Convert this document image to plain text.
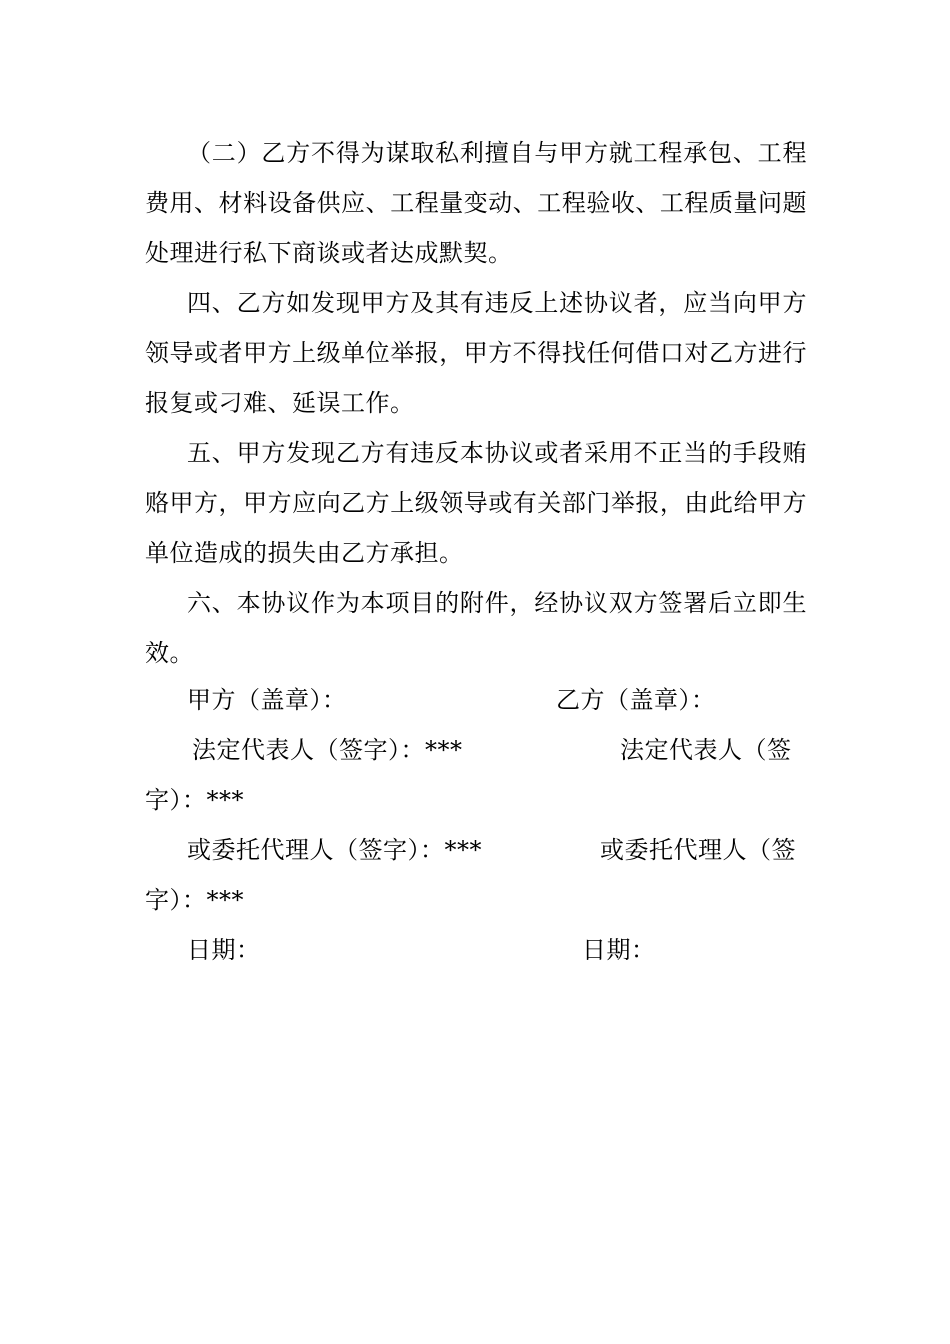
（二）乙方不得为谋取私利擅自与甲方就工程承包、工程费用、材料设备供应、工程量变动、工程验收、工程质量问题处理进行私下商谈或者达成默契。

四、乙方如发现甲方及其有违反上述协议者，应当向甲方领导或者甲方上级单位举报，甲方不得找任何借口对乙方进行报复或刁难、延误工作。

五、甲方发现乙方有违反本协议或者采用不正当的手段贿赂甲方，甲方应向乙方上级领导或有关部门举报，由此给甲方单位造成的损失由乙方承担。

六、本协议作为本项目的附件，经协议双方签署后立即生效。

甲方（盖章）：	乙方（盖章）：
法定代表人（签字）：***	法定代表人（签
字）：***
或委托代理人（签字）：***	或委托代理人（签
字）：***
日期：	日期：
